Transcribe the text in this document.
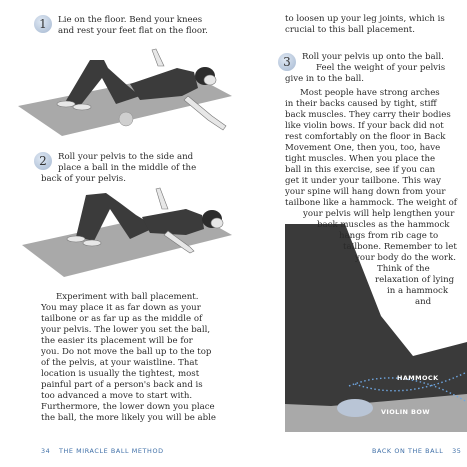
1 Lie on the floor. Bend your knees
and rest your feet flat on the floor.
2 Roll your pelvis to the side and
place a ball in the middle of the
back of your pelvis.
Experiment with ball placement.
You may place it as far down as your
tailbone or as far up as the middle of
your pelvis. The lower you set the ball,
the easier its placement will be for
you. Do not move the ball up to the top
of the pelvis, at your waistline. That
location is usually the tightest, most
painful part of a person's back and is
too advanced a move to start with.
Furthermore, the lower down you place
the ball, the more likely you will be able
34 THE MIRACLE BALL METHOD
to loosen up your leg joints, which is
crucial to this ball placement.
3 Roll your pelvis up onto the ball.
Feel the weight of your pelvis
give in to the ball.
HAMMOCK
VIOLIN BOW
Most people have strong arches
in their backs caused by tight, stiff
back muscles. They carry their bodies
like violin bows. If your back did not
rest comfortably on the floor in Back
Movement One, then you, too, have
tight muscles. When you place the
ball in this exercise, see if you can
get it under your tailbone. This way
your spine will hang down from your
tailbone like a hammock. The weight of
your pelvis will help lengthen your
back muscles as the hammock
hangs from rib cage to
tailbone. Remember to let
your body do the work.
Think of the
relaxation of lying
in a hammock
and
BACK ON THE BALL 35
